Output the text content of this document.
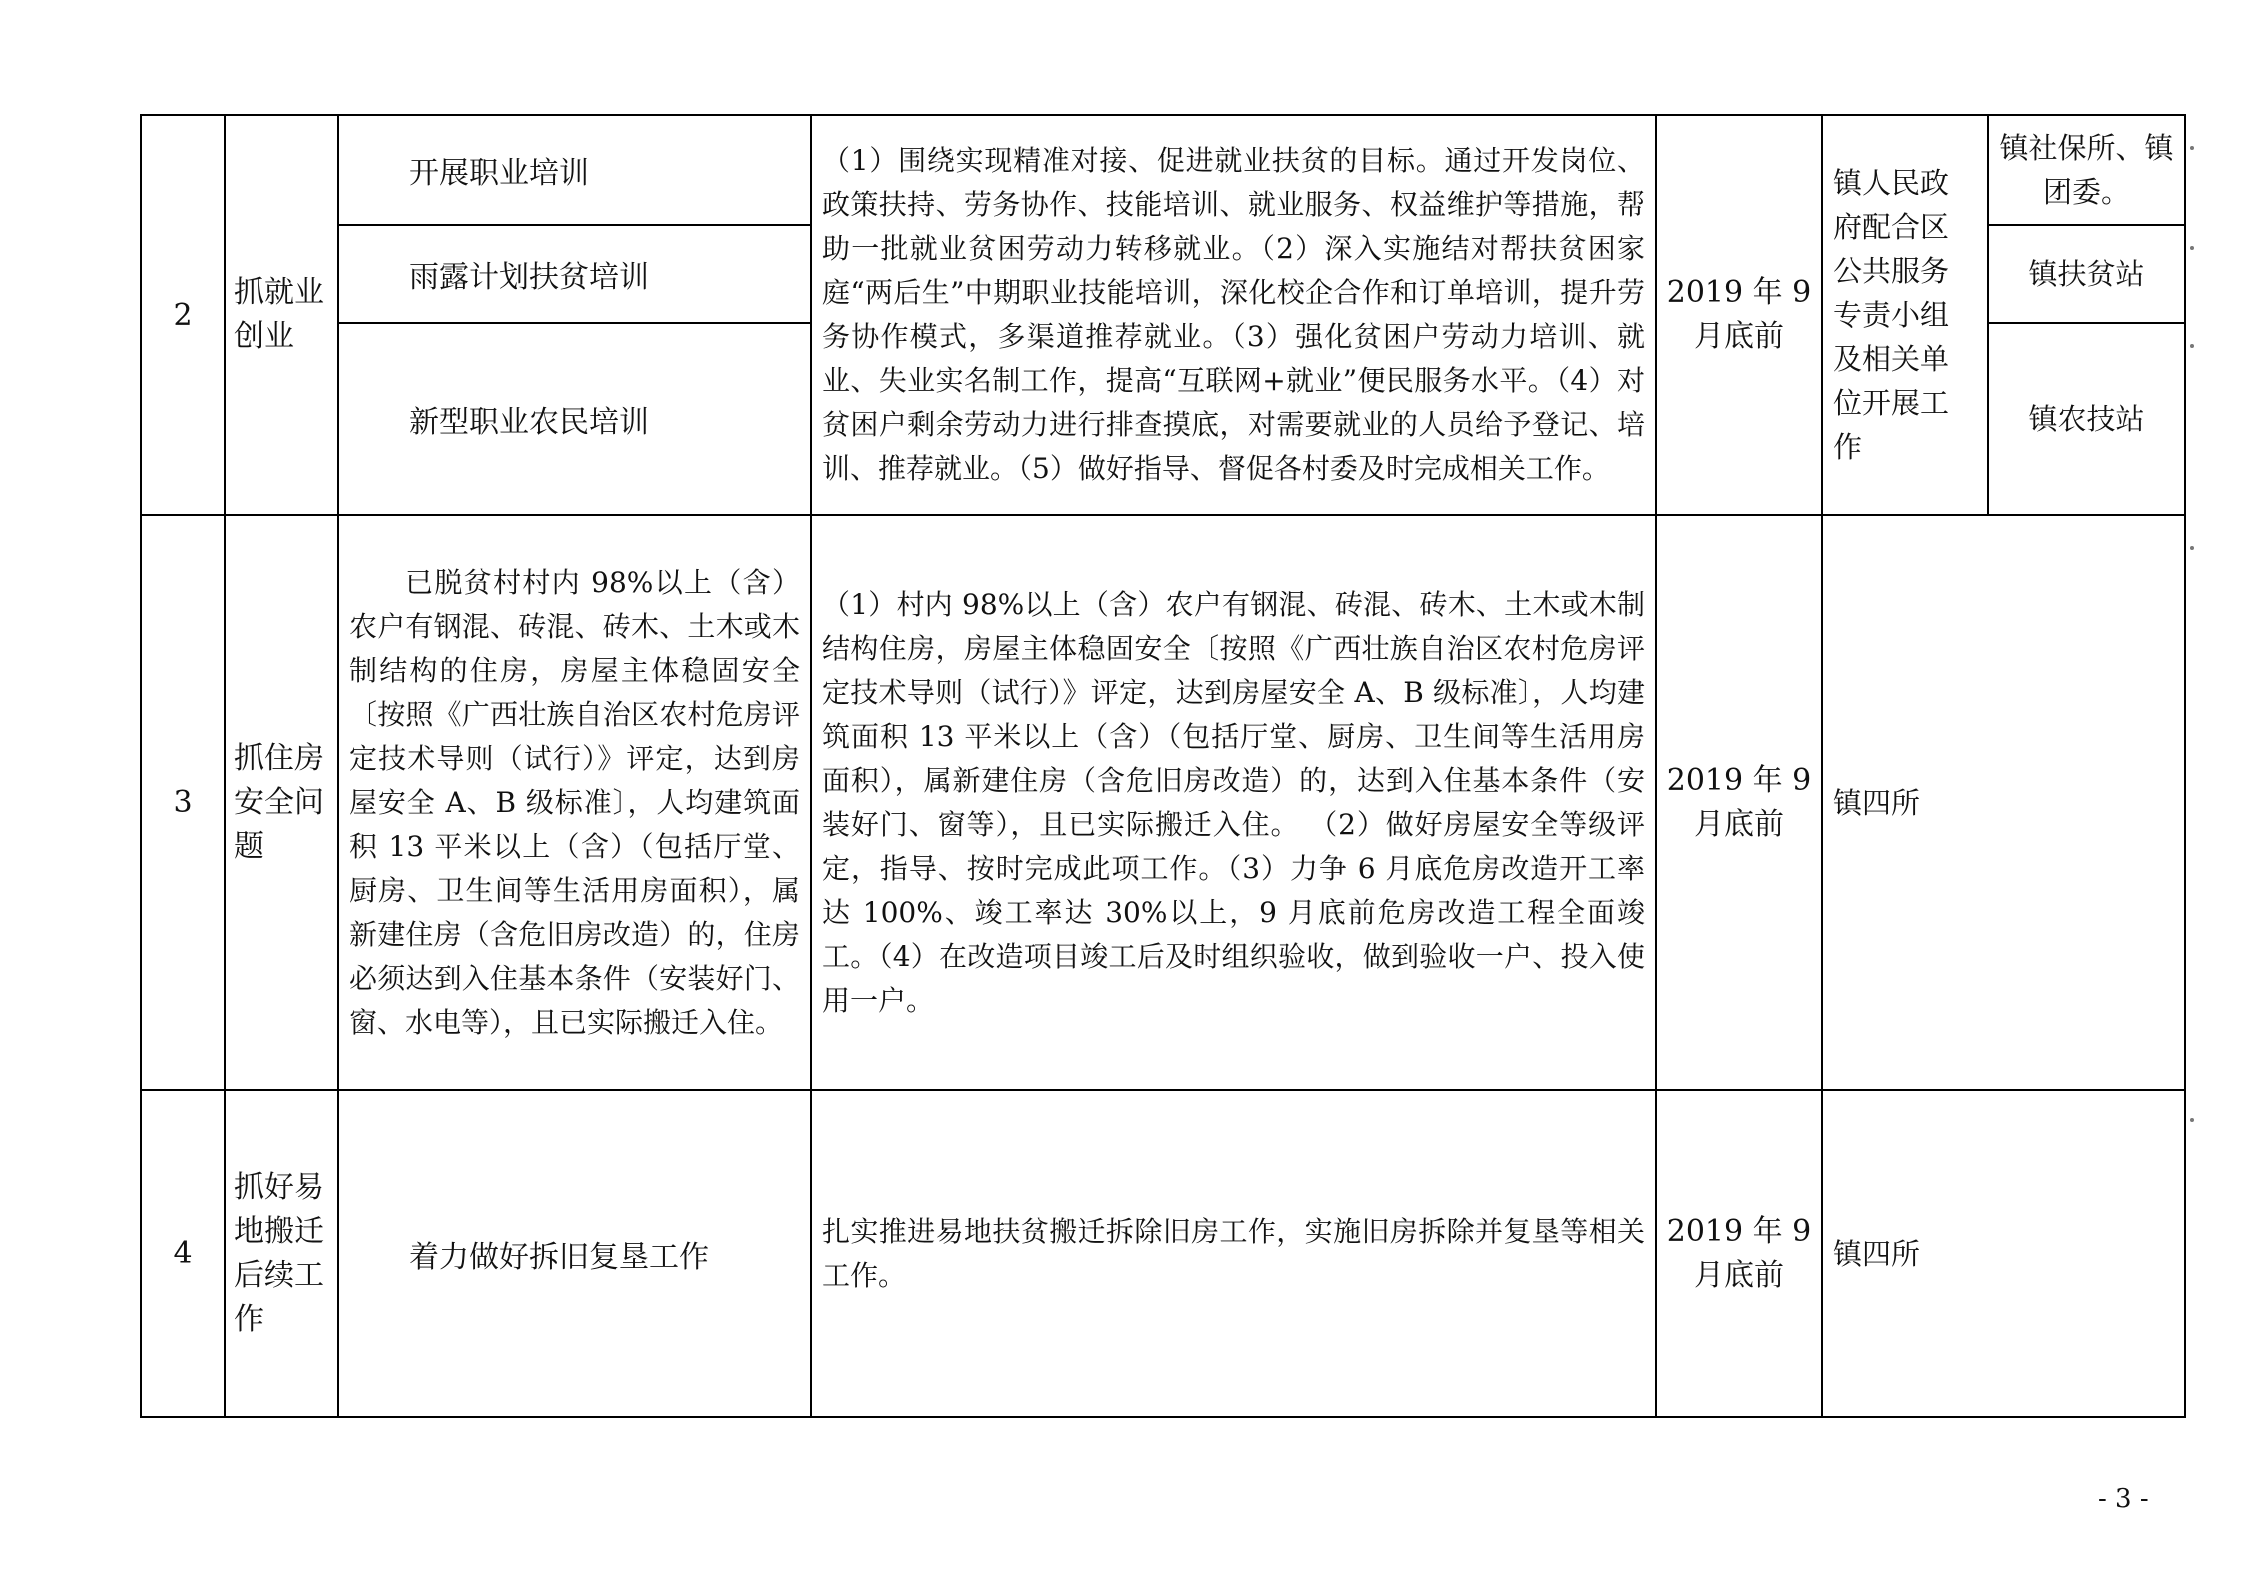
2	抓就业创业	开展职业培训	（1）围绕实现精准对接、促进就业扶贫的目标。通过开发岗位、政策扶持、劳务协作、技能培训、就业服务、权益维护等措施，帮助一批就业贫困劳动力转移就业。（2）深入实施结对帮扶贫困家庭“两后生”中期职业技能培训，深化校企合作和订单培训，提升劳务协作模式，多渠道推荐就业。（3）强化贫困户劳动力培训、就业、失业实名制工作，提高“互联网+就业”便民服务水平。（4）对贫困户剩余劳动力进行排查摸底，对需要就业的人员给予登记、培训、推荐就业。（5）做好指导、督促各村委及时完成相关工作。	2019 年 9 月底前	镇人民政府配合区公共服务专责小组及相关单位开展工作	镇社保所、镇团委。
		雨露计划扶贫培训				镇扶贫站
		新型职业农民培训				镇农技站
3	抓住房安全问题	已脱贫村村内 98%以上（含）农户有钢混、砖混、砖木、土木或木制结构的住房，房屋主体稳固安全〔按照《广西壮族自治区农村危房评定技术导则（试行）》评定，达到房屋安全 A、B 级标准〕，人均建筑面积 13 平米以上（含）（包括厅堂、厨房、卫生间等生活用房面积），属新建住房（含危旧房改造）的，住房必须达到入住基本条件（安装好门、窗、水电等），且已实际搬迁入住。	（1）村内 98%以上（含）农户有钢混、砖混、砖木、土木或木制结构住房，房屋主体稳固安全〔按照《广西壮族自治区农村危房评定技术导则（试行）》评定，达到房屋安全 A、B 级标准〕，人均建筑面积 13 平米以上（含）（包括厅堂、厨房、卫生间等生活用房面积），属新建住房（含危旧房改造）的，达到入住基本条件（安装好门、窗等），且已实际搬迁入住。 （2）做好房屋安全等级评定，指导、按时完成此项工作。（3）力争 6 月底危房改造开工率达 100%、竣工率达 30%以上，9 月底前危房改造工程全面竣工。（4）在改造项目竣工后及时组织验收，做到验收一户、投入使用一户。	2019 年 9 月底前	镇四所	
4	抓好易地搬迁后续工作	着力做好拆旧复垦工作	扎实推进易地扶贫搬迁拆除旧房工作，实施旧房拆除并复垦等相关工作。	2019 年 9 月底前	镇四所	
- 3 -
